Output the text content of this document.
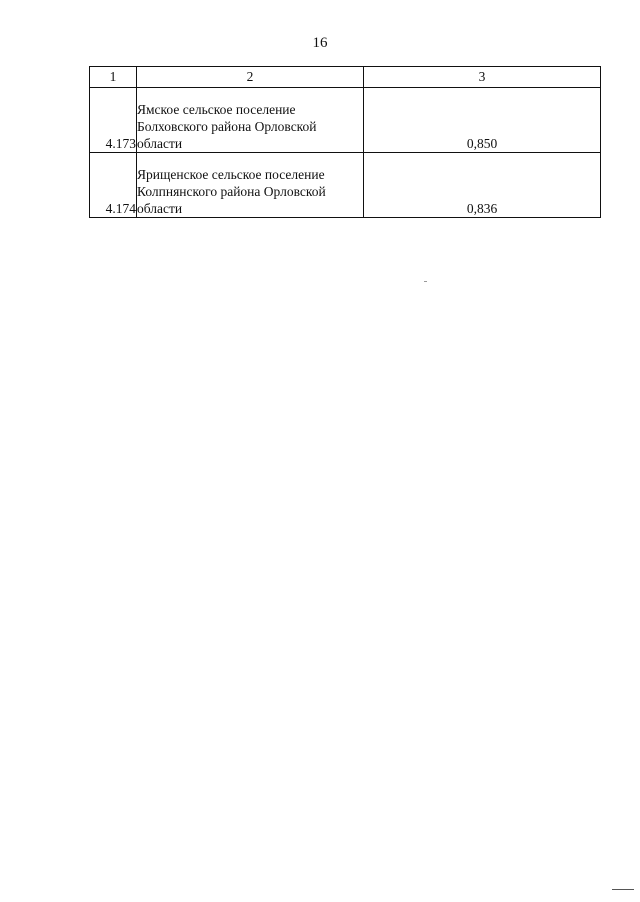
16
1	2	3
4.173	Ямское сельское поселение Болховского района Орловской области	0,850
4.174	Ярищенское сельское поселение Колпнянского района Орловской области	0,836
